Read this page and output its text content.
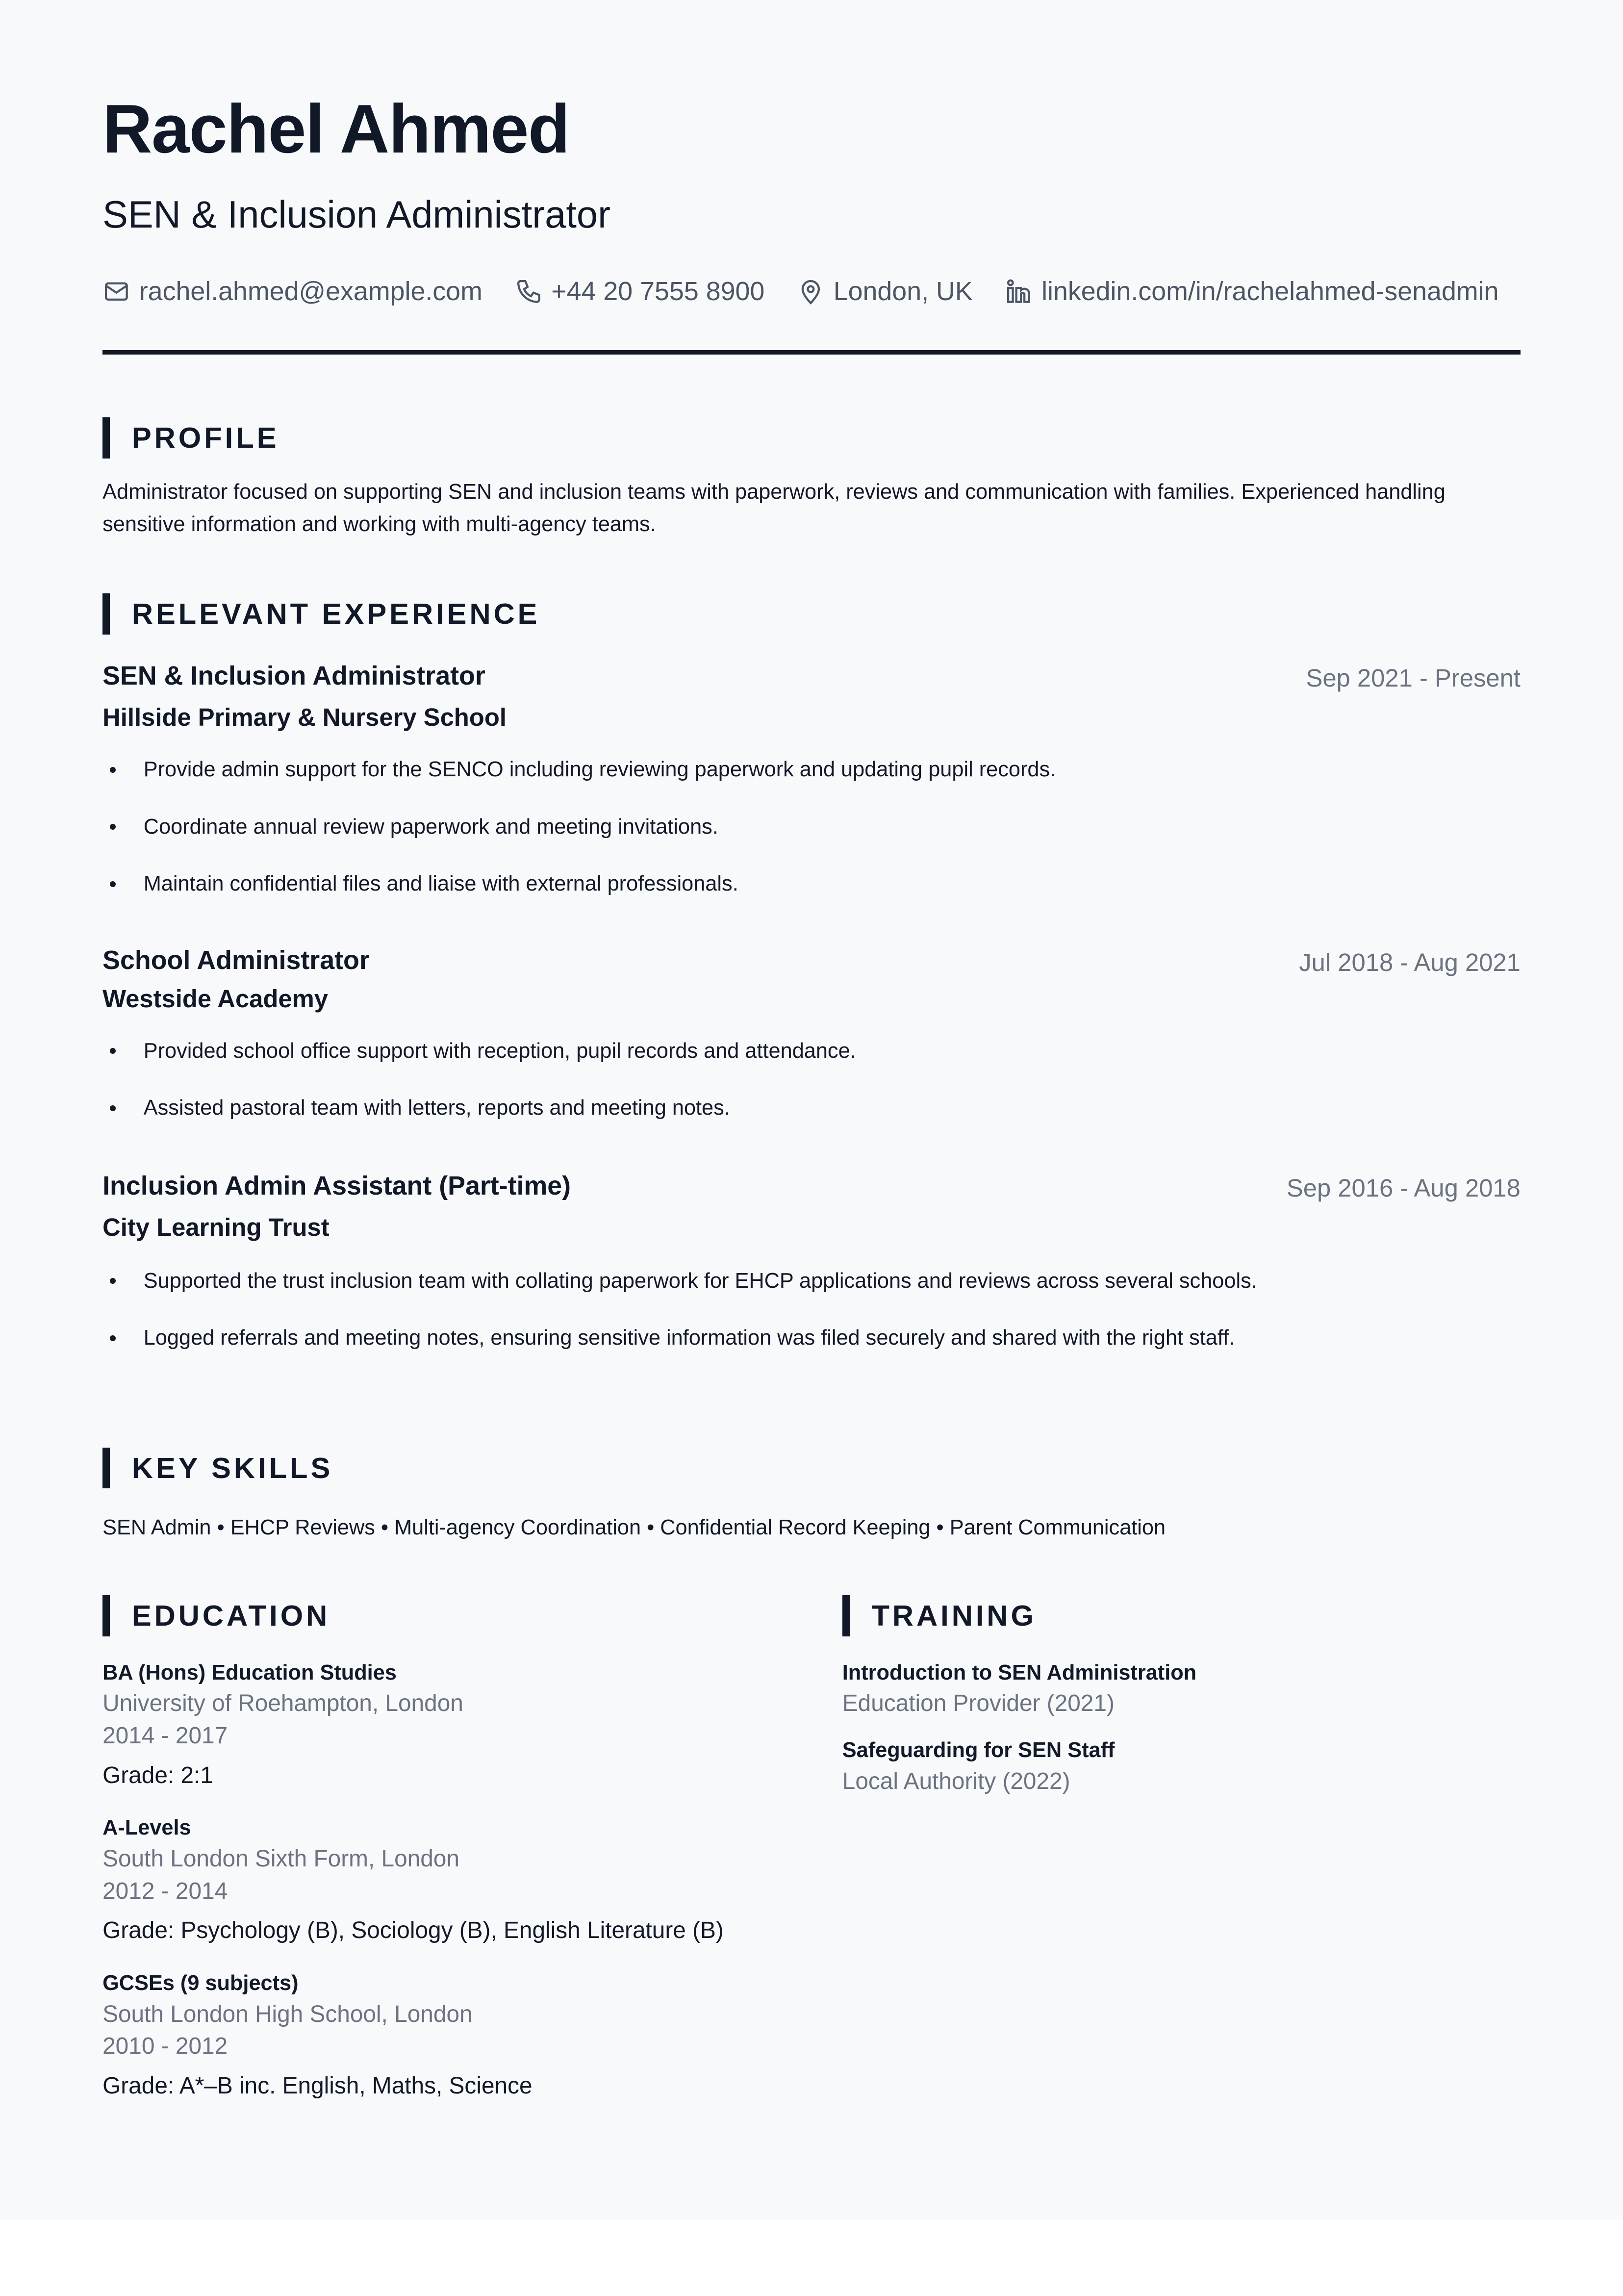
Rachel Ahmed
SEN & Inclusion Administrator
rachel.ahmed@example.com	+44 20 7555 8900	London, UK	linkedin.com/in/rachelahmed-senadmin
PROFILE
Administrator focused on supporting SEN and inclusion teams with paperwork, reviews and communication with families. Experienced handling sensitive information and working with multi-agency teams.
RELEVANT EXPERIENCE
SEN & Inclusion Administrator	Sep 2021 - Present
Hillside Primary & Nursery School
Provide admin support for the SENCO including reviewing paperwork and updating pupil records.
Coordinate annual review paperwork and meeting invitations.
Maintain confidential files and liaise with external professionals.
School Administrator	Jul 2018 - Aug 2021
Westside Academy
Provided school office support with reception, pupil records and attendance.
Assisted pastoral team with letters, reports and meeting notes.
Inclusion Admin Assistant (Part-time)	Sep 2016 - Aug 2018
City Learning Trust
Supported the trust inclusion team with collating paperwork for EHCP applications and reviews across several schools.
Logged referrals and meeting notes, ensuring sensitive information was filed securely and shared with the right staff.
KEY SKILLS
SEN Admin • EHCP Reviews • Multi-agency Coordination • Confidential Record Keeping • Parent Communication
EDUCATION
BA (Hons) Education Studies
University of Roehampton, London
2014 - 2017
Grade: 2:1
A-Levels
South London Sixth Form, London
2012 - 2014
Grade: Psychology (B), Sociology (B), English Literature (B)
GCSEs (9 subjects)
South London High School, London
2010 - 2012
Grade: A*–B inc. English, Maths, Science
TRAINING
Introduction to SEN Administration
Education Provider (2021)
Safeguarding for SEN Staff
Local Authority (2022)
